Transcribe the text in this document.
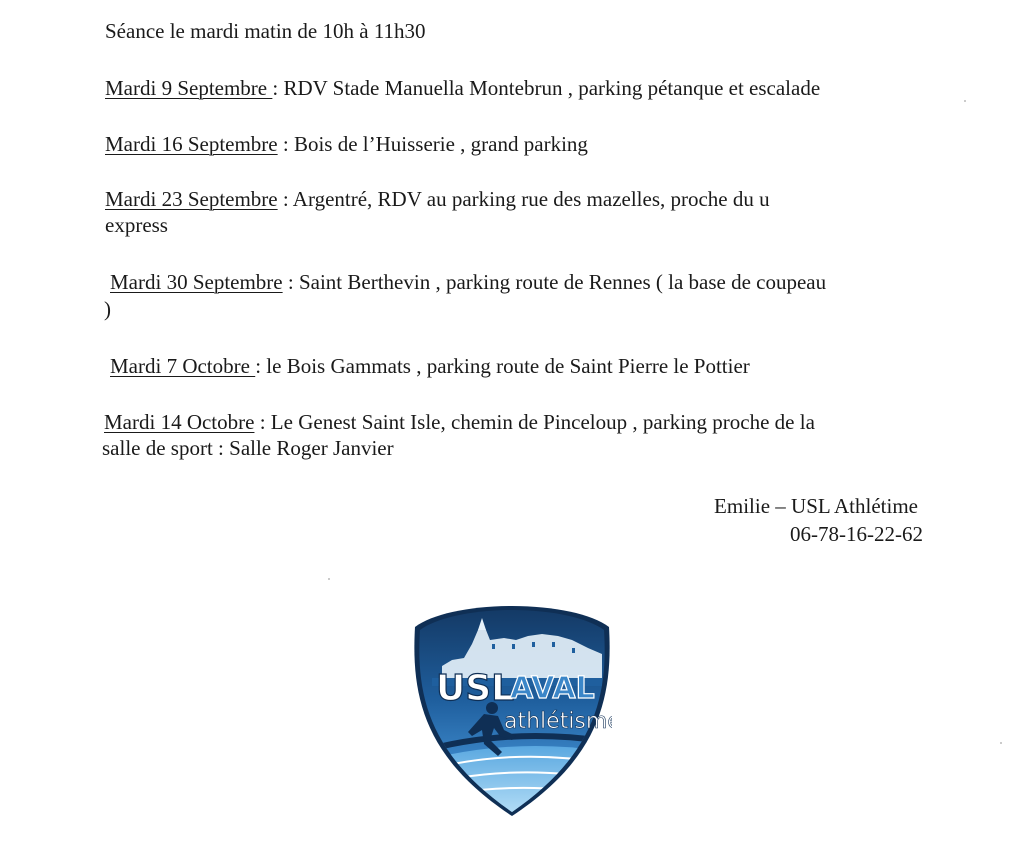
Séance le mardi matin de 10h à 11h30
Mardi 9 Septembre : RDV Stade Manuella Montebrun , parking pétanque et escalade
Mardi 16 Septembre : Bois de l’Huisserie , grand parking
Mardi 23 Septembre : Argentré, RDV au parking rue des mazelles, proche du u
express
Mardi 30 Septembre : Saint Berthevin , parking route de Rennes ( la base de coupeau
)
Mardi 7 Octobre : le Bois Gammats , parking route de Saint Pierre le Pottier
Mardi 14 Octobre : Le Genest Saint Isle, chemin de Pinceloup , parking proche de la
salle de sport : Salle Roger Janvier
Emilie – USL Athlétime
06-78-16-22-62
USL
AVAL
athlétisme
